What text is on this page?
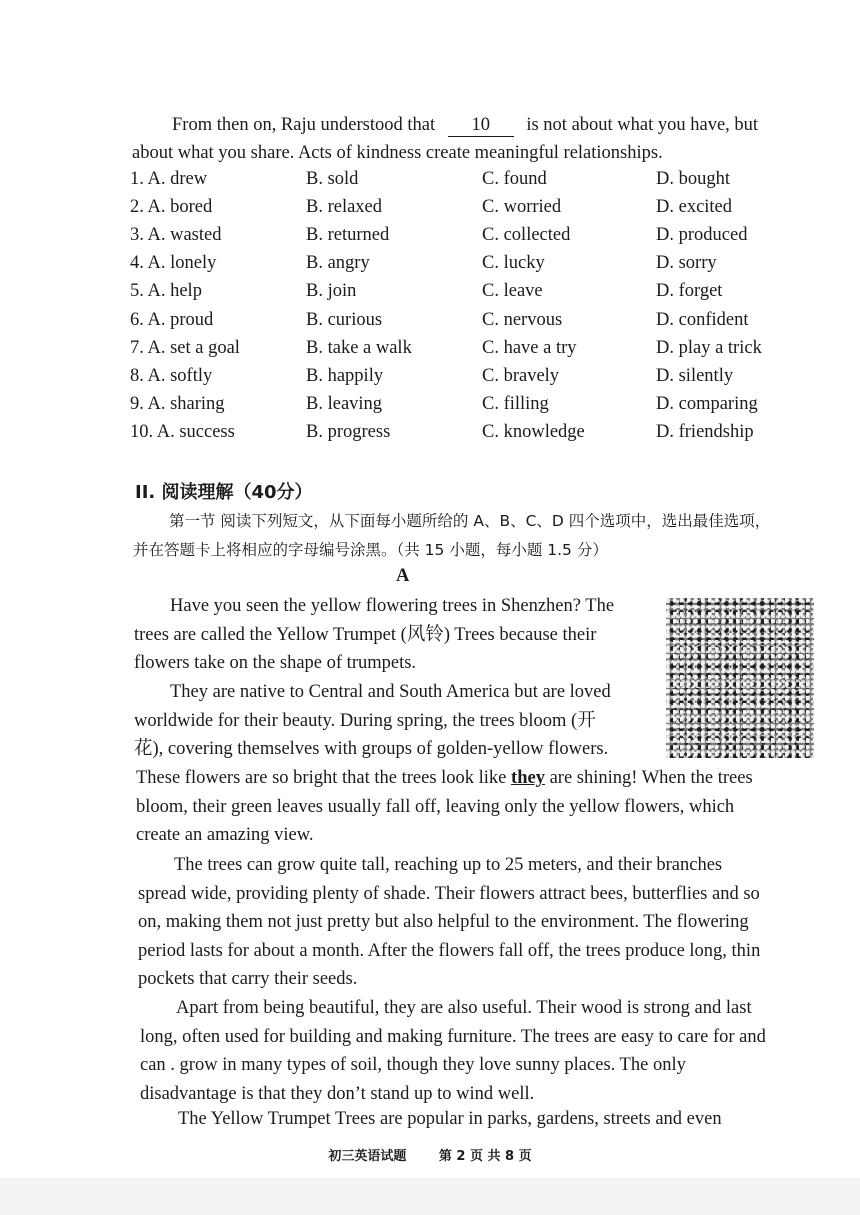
From then on, Raju understood that 10 is not about what you have, but
about what you share. Acts of kindness create meaningful relationships.
1. A. drew	B. sold	C. found	D. bought
2. A. bored	B. relaxed	C. worried	D. excited
3. A. wasted	B. returned	C. collected	D. produced
4. A. lonely	B. angry	C. lucky	D. sorry
5. A. help	B. join	C. leave	D. forget
6. A. proud	B. curious	C. nervous	D. confident
7. A. set a goal	B. take a walk	C. have a try	D. play a trick
8. A. softly	B. happily	C. bravely	D. silently
9. A. sharing	B. leaving	C. filling	D. comparing
10. A. success	B. progress	C. knowledge	D. friendship
II. 阅读理解（40分）
第一节 阅读下列短文，从下面每小题所给的 A、B、C、D 四个选项中，选出最佳选项，
并在答题卡上将相应的字母编号涂黑。（共 15 小题，每小题 1.5 分）
A
Have you seen the yellow flowering trees in Shenzhen? The
trees are called the Yellow Trumpet (风铃) Trees because their
flowers take on the shape of trumpets.
They are native to Central and South America but are loved
worldwide for their beauty. During spring, the trees bloom (开
花), covering themselves with groups of golden-yellow flowers.
These flowers are so bright that the trees look like they are shining! When the trees
bloom, their green leaves usually fall off, leaving only the yellow flowers, which
create an amazing view.
The trees can grow quite tall, reaching up to 25 meters, and their branches
spread wide, providing plenty of shade. Their flowers attract bees, butterflies and so
on, making them not just pretty but also helpful to the environment. The flowering
period lasts for about a month. After the flowers fall off, the trees produce long, thin
pockets that carry their seeds.
Apart from being beautiful, they are also useful. Their wood is strong and last
long, often used for building and making furniture. The trees are easy to care for and
can . grow in many types of soil, though they love sunny places. The only
disadvantage is that they don’t stand up to wind well.
The Yellow Trumpet Trees are popular in parks, gardens, streets and even
初三英语试题	第 2 页 共 8 页
